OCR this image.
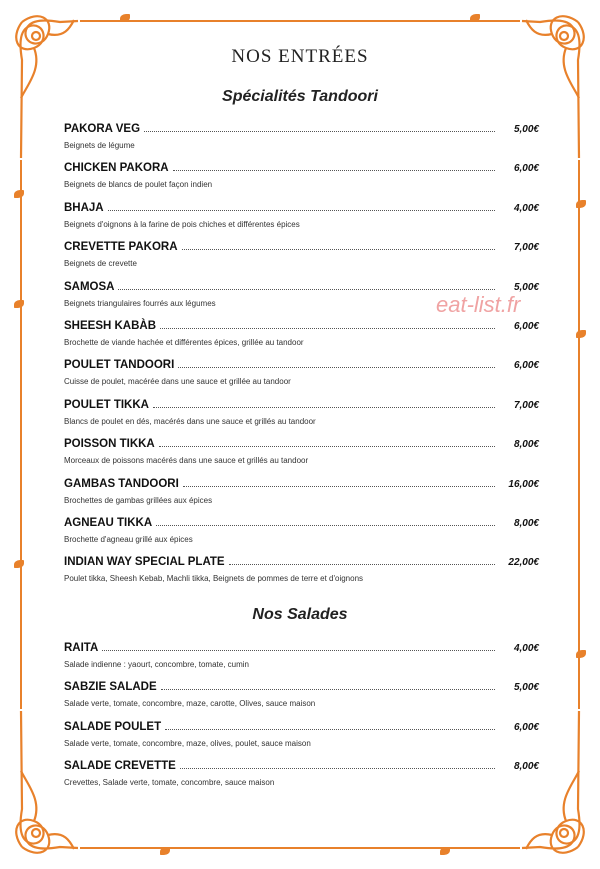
NOS ENTRÉES
Spécialités Tandoori
Nos Salades
PAKORA VEG	5,00€
Beignets de légume
CHICKEN PAKORA	6,00€
Beignets de blancs de poulet façon indien
BHAJA	4,00€
Beignets d'oignons à la farine de pois chiches et différentes épices
CREVETTE PAKORA	7,00€
Beignets de crevette
SAMOSA	5,00€
Beignets triangulaires fourrés aux légumes
SHEESH KABÀB	6,00€
Brochette de viande hachée et différentes épices, grillée au tandoor
POULET TANDOORI	6,00€
Cuisse de poulet, macérée dans une sauce et grillée au tandoor
POULET TIKKA	7,00€
Blancs de poulet en dés, macérés dans une sauce et grillés au tandoor
POISSON TIKKA	8,00€
Morceaux de poissons macérés dans une sauce et grillés au tandoor
GAMBAS TANDOORI	16,00€
Brochettes de gambas grillées aux épices
AGNEAU TIKKA	8,00€
Brochette d'agneau grillé aux épices
INDIAN WAY SPECIAL PLATE	22,00€
Poulet tikka, Sheesh Kebab, Machli tikka, Beignets de pommes de terre et d'oignons
RAITA	4,00€
Salade indienne : yaourt, concombre, tomate, cumin
SABZIE SALADE	5,00€
Salade verte, tomate, concombre, maze, carotte, Olives, sauce maison
SALADE POULET	6,00€
Salade verte, tomate, concombre, maze, olives, poulet, sauce maison
SALADE CREVETTE	8,00€
Crevettes, Salade verte, tomate, concombre, sauce maison
eat-list.fr
